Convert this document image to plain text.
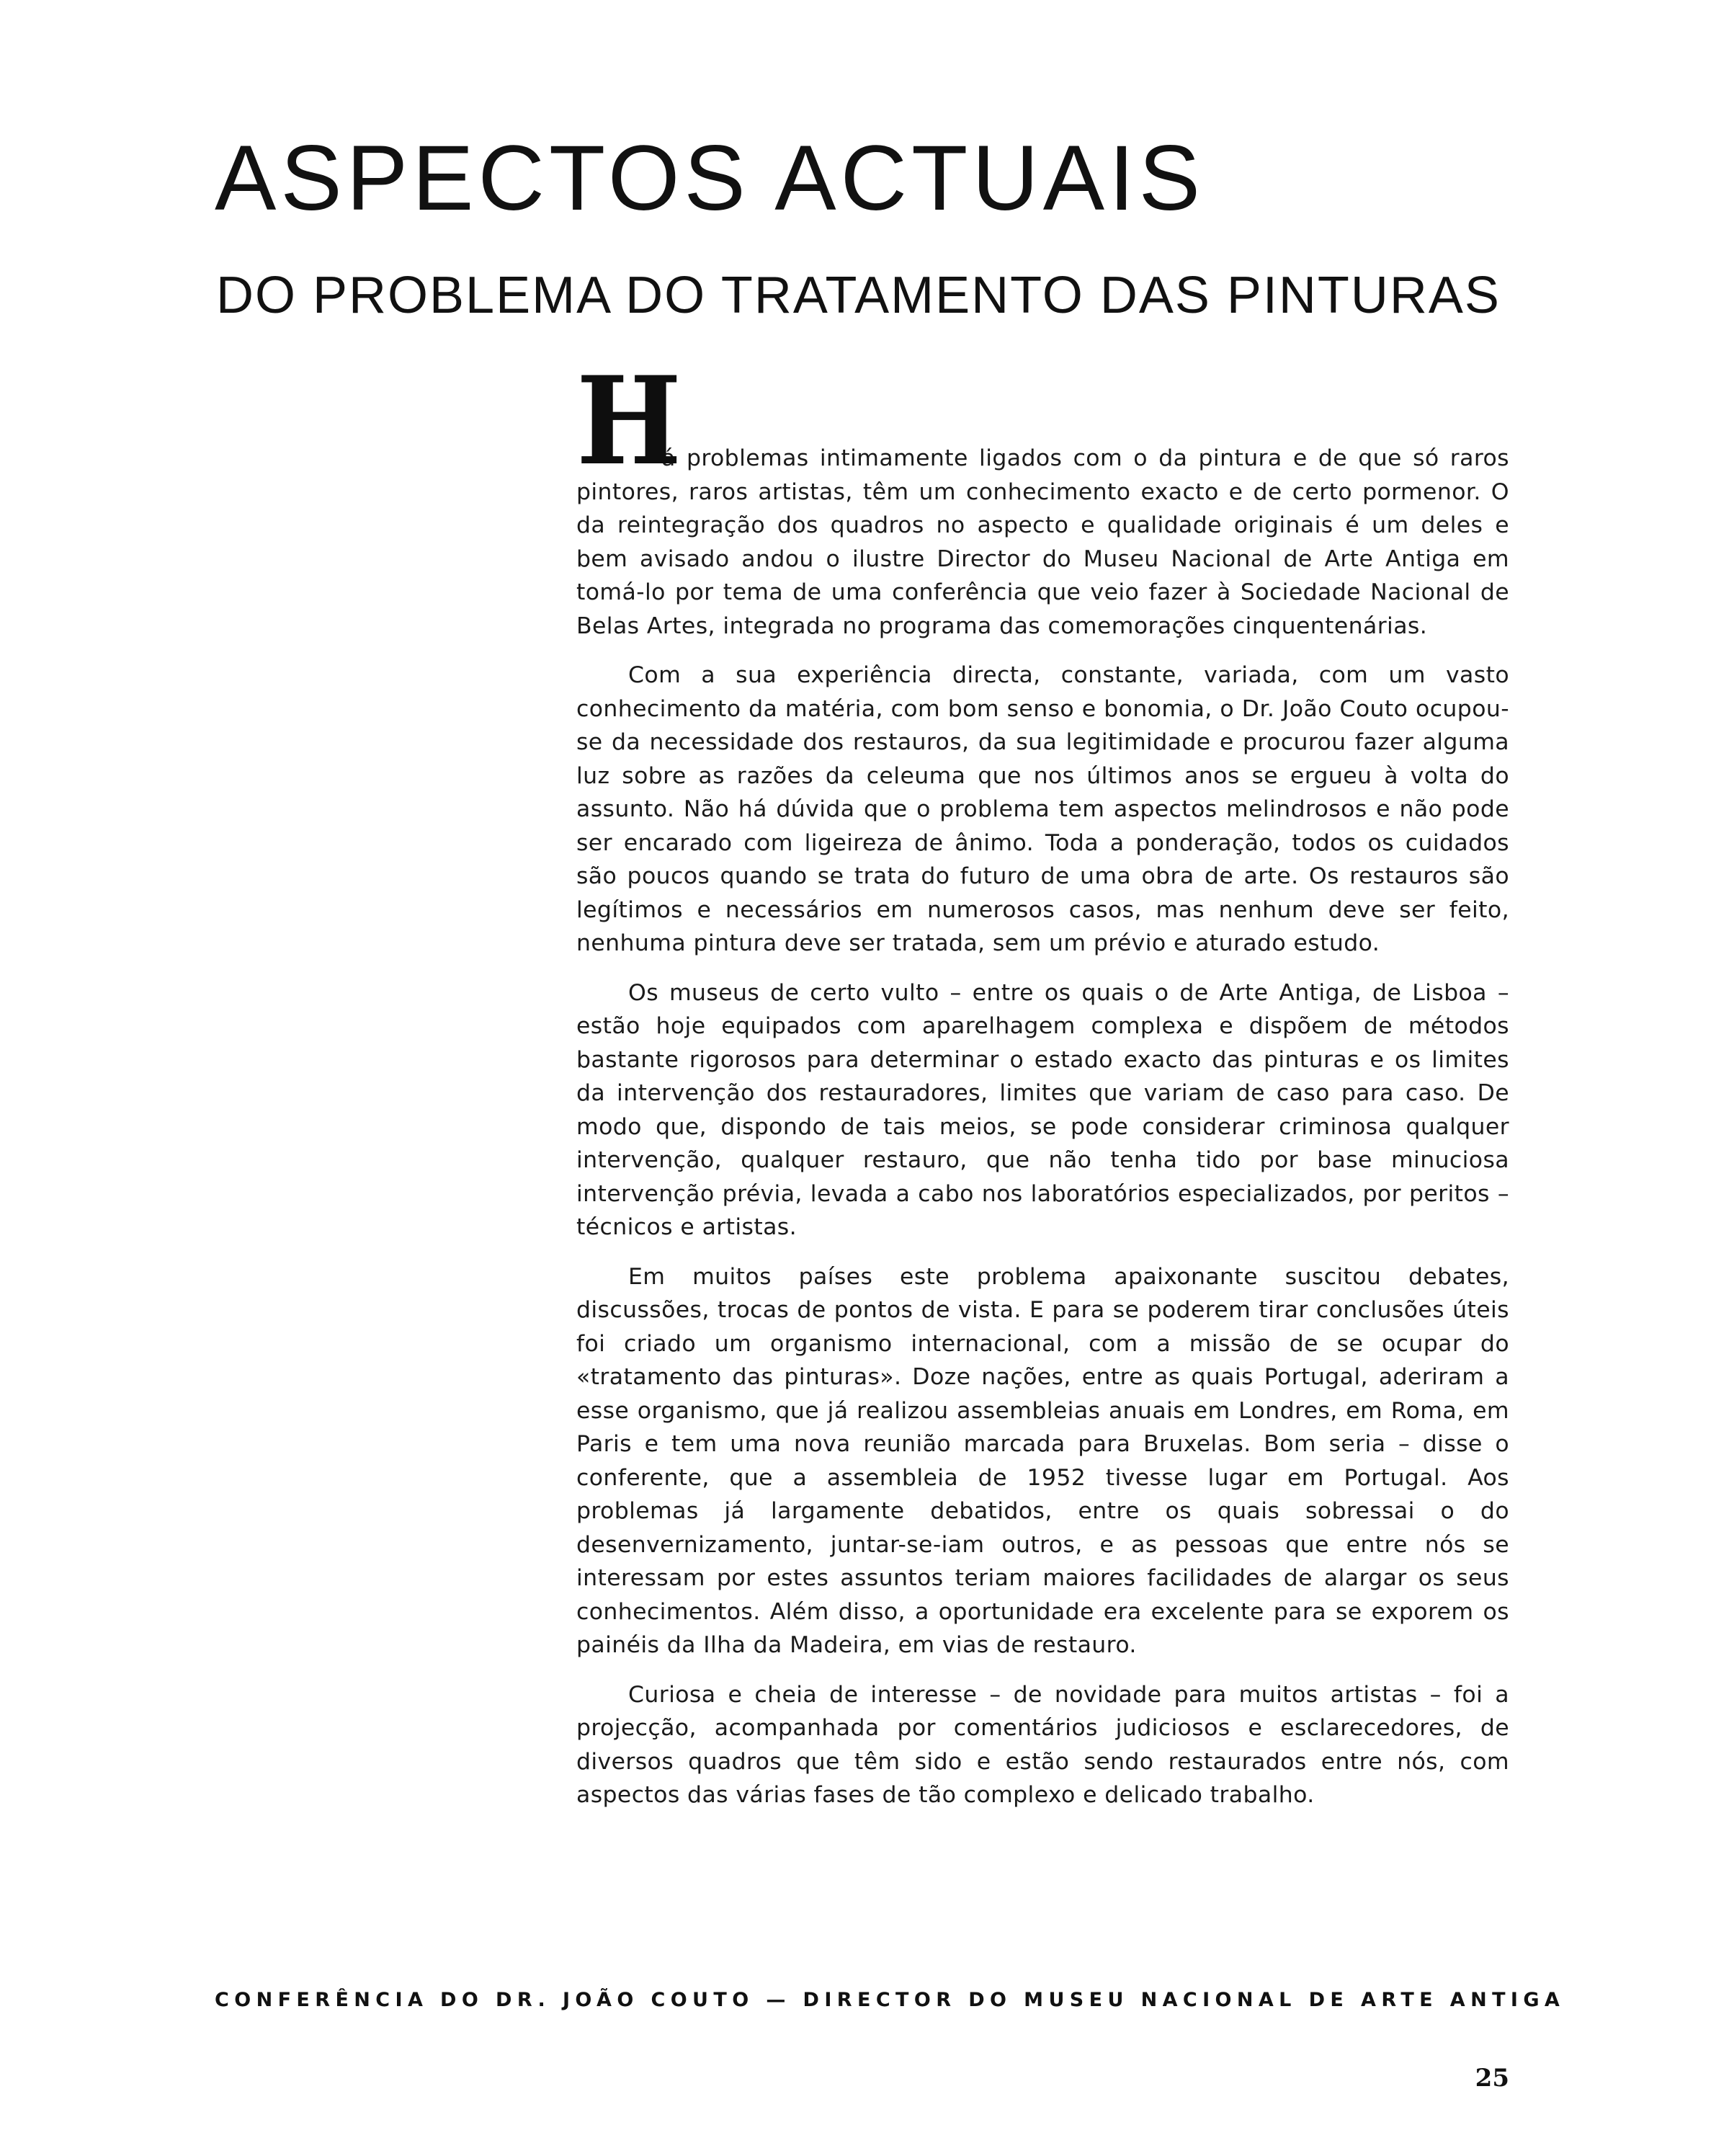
ASPECTOS ACTUAIS
DO PROBLEMA DO TRATAMENTO DAS PINTURAS

H
á problemas intimamente ligados com o da pintura e de que só raros pintores, raros artistas, têm um conhecimento exacto e de certo pormenor. O da reintegração dos quadros no aspecto e qualidade originais é um deles e bem avisado andou o ilustre Director do Museu Nacional de Arte Antiga em tomá-lo por tema de uma conferência que veio fazer à Sociedade Nacional de Belas Artes, integrada no programa das comemorações cinquentenárias.

Com a sua experiência directa, constante, variada, com um vasto conhecimento da matéria, com bom senso e bonomia, o Dr. João Couto ocupou-se da necessidade dos restauros, da sua legitimidade e procurou fazer alguma luz sobre as razões da celeuma que nos últimos anos se ergueu à volta do assunto. Não há dúvida que o problema tem aspectos melindrosos e não pode ser encarado com ligeireza de ânimo. Toda a ponderação, todos os cuidados são poucos quando se trata do futuro de uma obra de arte. Os restauros são legítimos e necessários em numerosos casos, mas nenhum deve ser feito, nenhuma pintura deve ser tratada, sem um prévio e aturado estudo.

Os museus de certo vulto – entre os quais o de Arte Antiga, de Lisboa – estão hoje equipados com aparelhagem complexa e dispõem de métodos bastante rigorosos para determinar o estado exacto das pinturas e os limites da intervenção dos restauradores, limites que variam de caso para caso. De modo que, dispondo de tais meios, se pode considerar criminosa qualquer intervenção, qualquer restauro, que não tenha tido por base minuciosa intervenção prévia, levada a cabo nos laboratórios especializados, por peritos – técnicos e artistas.

Em muitos países este problema apaixonante suscitou debates, discussões, trocas de pontos de vista. E para se poderem tirar conclusões úteis foi criado um organismo internacional, com a missão de se ocupar do «tratamento das pinturas». Doze nações, entre as quais Portugal, aderiram a esse organismo, que já realizou assembleias anuais em Londres, em Roma, em Paris e tem uma nova reunião marcada para Bruxelas. Bom seria – disse o conferente, que a assembleia de 1952 tivesse lugar em Portugal. Aos problemas já largamente debatidos, entre os quais sobressai o do desenvernizamento, juntar-se-iam outros, e as pessoas que entre nós se interessam por estes assuntos teriam maiores facilidades de alargar os seus conhecimentos. Além disso, a oportunidade era excelente para se exporem os painéis da Ilha da Madeira, em vias de restauro.

Curiosa e cheia de interesse – de novidade para muitos artistas – foi a projecção, acompanhada por comentários judiciosos e esclarecedores, de diversos quadros que têm sido e estão sendo restaurados entre nós, com aspectos das várias fases de tão complexo e delicado trabalho.

CONFERÊNCIA DO DR. JOÃO COUTO — DIRECTOR DO MUSEU NACIONAL DE ARTE ANTIGA

25
